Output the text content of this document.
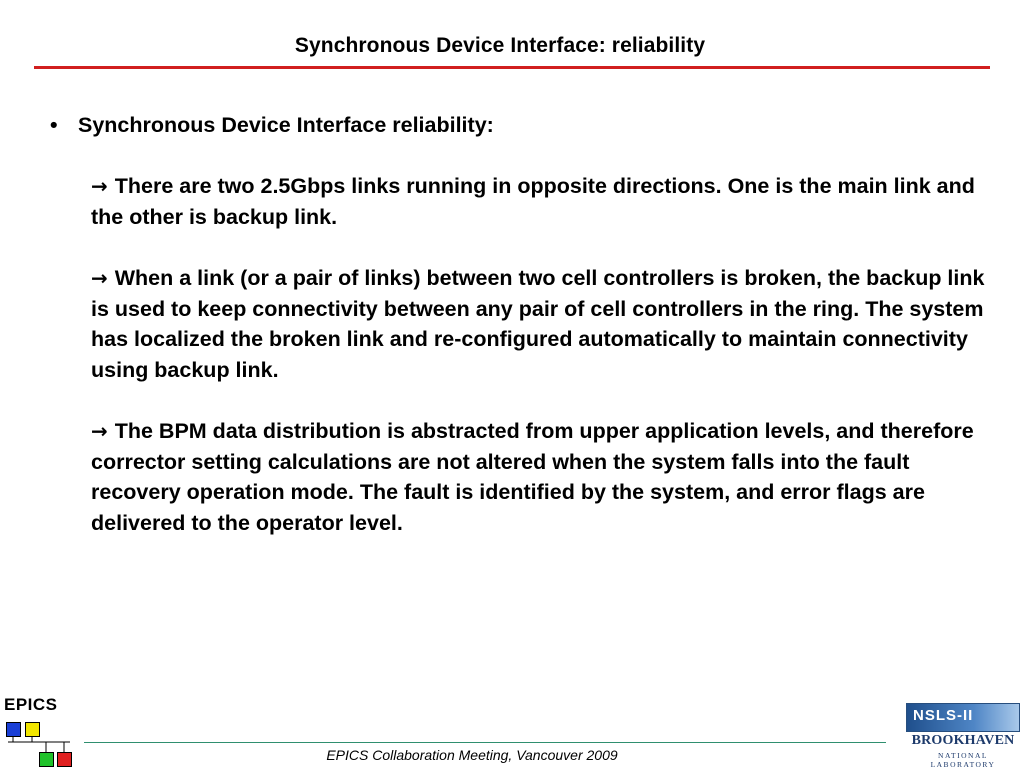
Synchronous Device Interface: reliability
• Synchronous Device Interface reliability:
→ There are two 2.5Gbps links running in opposite directions. One is the main link and the other is backup link.
→ When a link (or a pair of links) between two cell controllers is broken, the backup link is used to keep connectivity between any pair of cell controllers in the ring. The system has localized the broken link and re-configured automatically to maintain connectivity using backup link.
→ The BPM data distribution is abstracted from upper application levels, and therefore corrector setting calculations are not altered when the system falls into the fault recovery operation mode. The fault is identified by the system, and error flags are delivered to the operator level.
EPICS
EPICS Collaboration Meeting, Vancouver 2009
NSLS-II
BROOKHAVEN
NATIONAL LABORATORY
